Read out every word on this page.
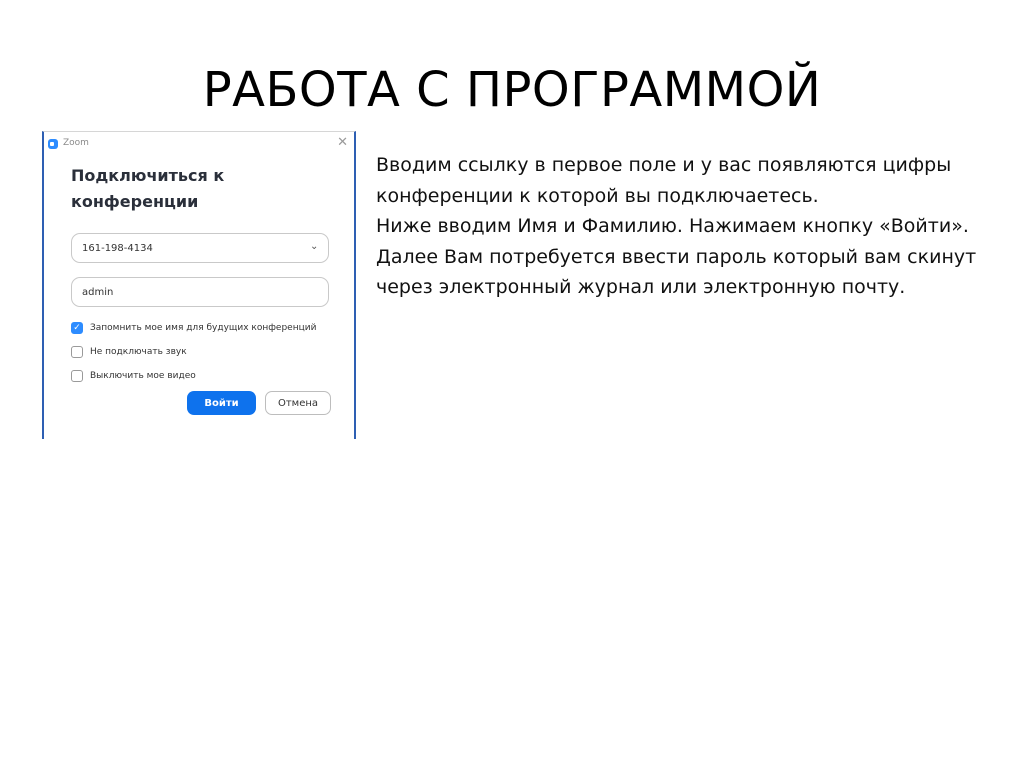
РАБОТА С ПРОГРАММОЙ
Zoom	✕
Подключиться к конференции
161-198-4134
⌄
admin
✓ Запомнить мое имя для будущих конференций
Не подключать звук
Выключить мое видео
Войти	Отмена

Вводим ссылку в первое поле и у вас появляются цифры конференции к которой вы подключаетесь.

Ниже вводим Имя и Фамилию. Нажимаем кнопку «Войти».

Далее Вам потребуется ввести пароль который вам скинут через электронный журнал или электронную почту.
